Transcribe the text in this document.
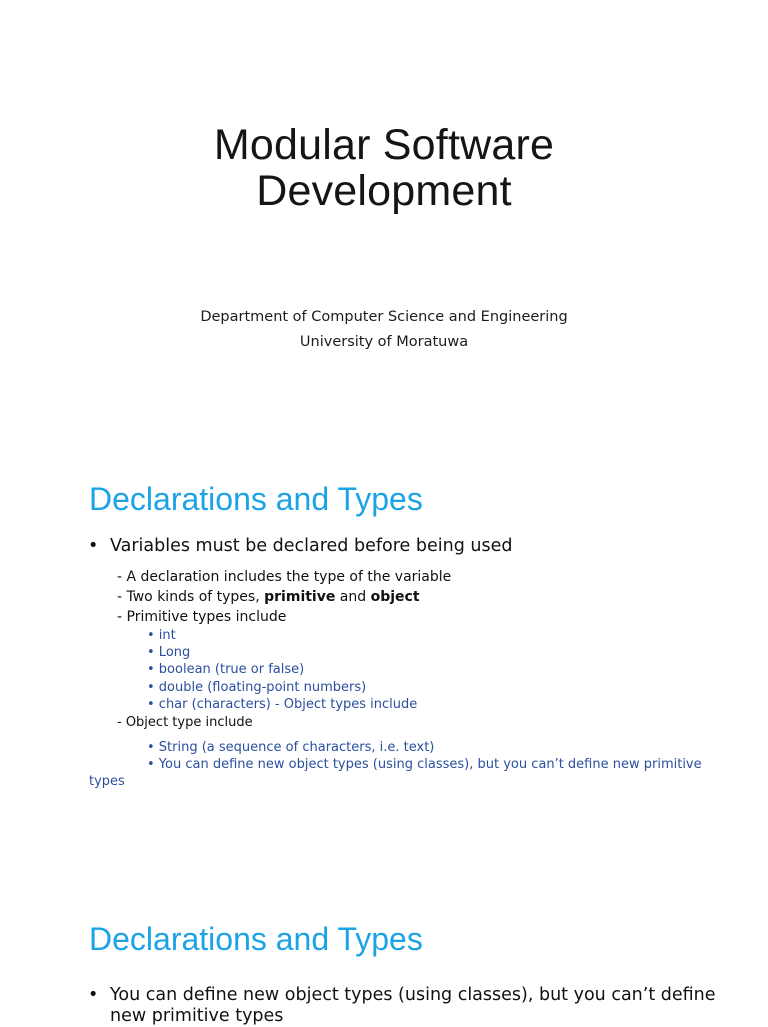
Modular Software
Development
Department of Computer Science and Engineering
University of Moratuwa
Declarations and Types
• Variables must be declared before being used
- A declaration includes the type of the variable
- Two kinds of types, primitive and object
- Primitive types include
• int
• Long
• boolean (true or false)
• double (floating-point numbers)
• char (characters) - Object types include
- Object type include
• String (a sequence of characters, i.e. text)
• You can define new object types (using classes), but you can’t define new primitive
types
Declarations and Types
• You can define new object types (using classes), but you can’t define
new primitive types
